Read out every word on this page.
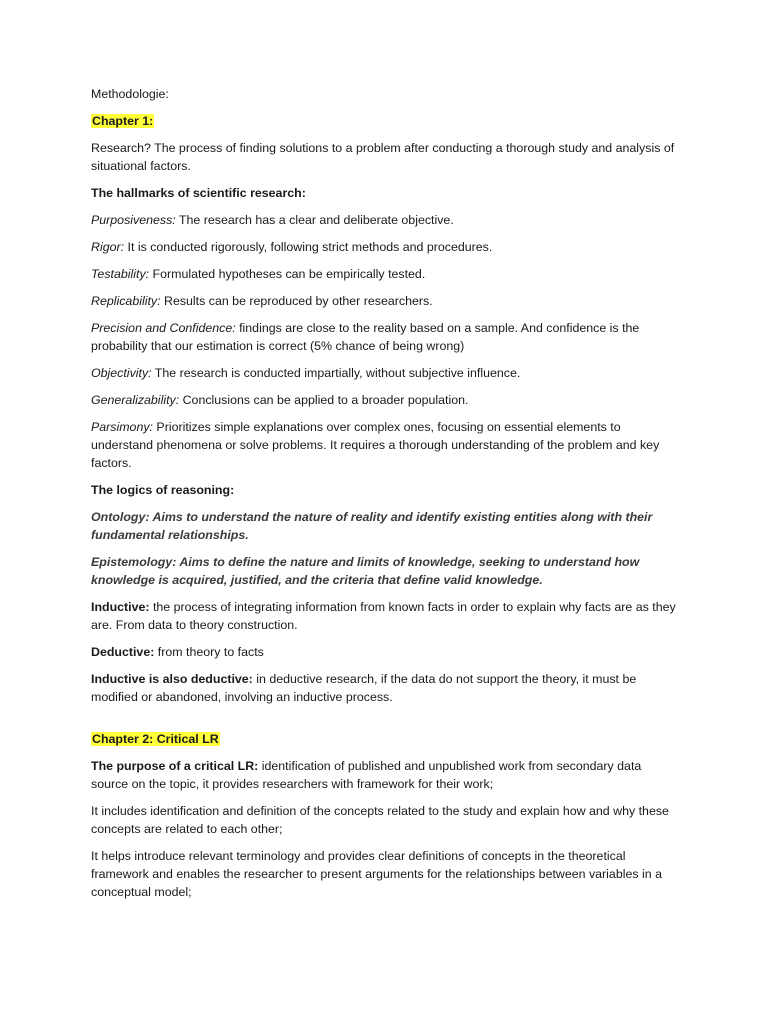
Methodologie:

Chapter 1:

Research? The process of finding solutions to a problem after conducting a thorough study and analysis of situational factors.

The hallmarks of scientific research:

Purposiveness: The research has a clear and deliberate objective.

Rigor: It is conducted rigorously, following strict methods and procedures.

Testability: Formulated hypotheses can be empirically tested.

Replicability: Results can be reproduced by other researchers.

Precision and Confidence: findings are close to the reality based on a sample. And confidence is the probability that our estimation is correct (5% chance of being wrong)

Objectivity: The research is conducted impartially, without subjective influence.

Generalizability: Conclusions can be applied to a broader population.

Parsimony: Prioritizes simple explanations over complex ones, focusing on essential elements to understand phenomena or solve problems. It requires a thorough understanding of the problem and key factors.

The logics of reasoning:

Ontology: Aims to understand the nature of reality and identify existing entities along with their fundamental relationships.

Epistemology: Aims to define the nature and limits of knowledge, seeking to understand how knowledge is acquired, justified, and the criteria that define valid knowledge.

Inductive: the process of integrating information from known facts in order to explain why facts are as they are. From data to theory construction.

Deductive: from theory to facts

Inductive is also deductive: in deductive research, if the data do not support the theory, it must be modified or abandoned, involving an inductive process.

Chapter 2: Critical LR

The purpose of a critical LR: identification of published and unpublished work from secondary data source on the topic, it provides researchers with framework for their work;

It includes identification and definition of the concepts related to the study and explain how and why these concepts are related to each other;

It helps introduce relevant terminology and provides clear definitions of concepts in the theoretical framework and enables the researcher to present arguments for the relationships between variables in a conceptual model;
